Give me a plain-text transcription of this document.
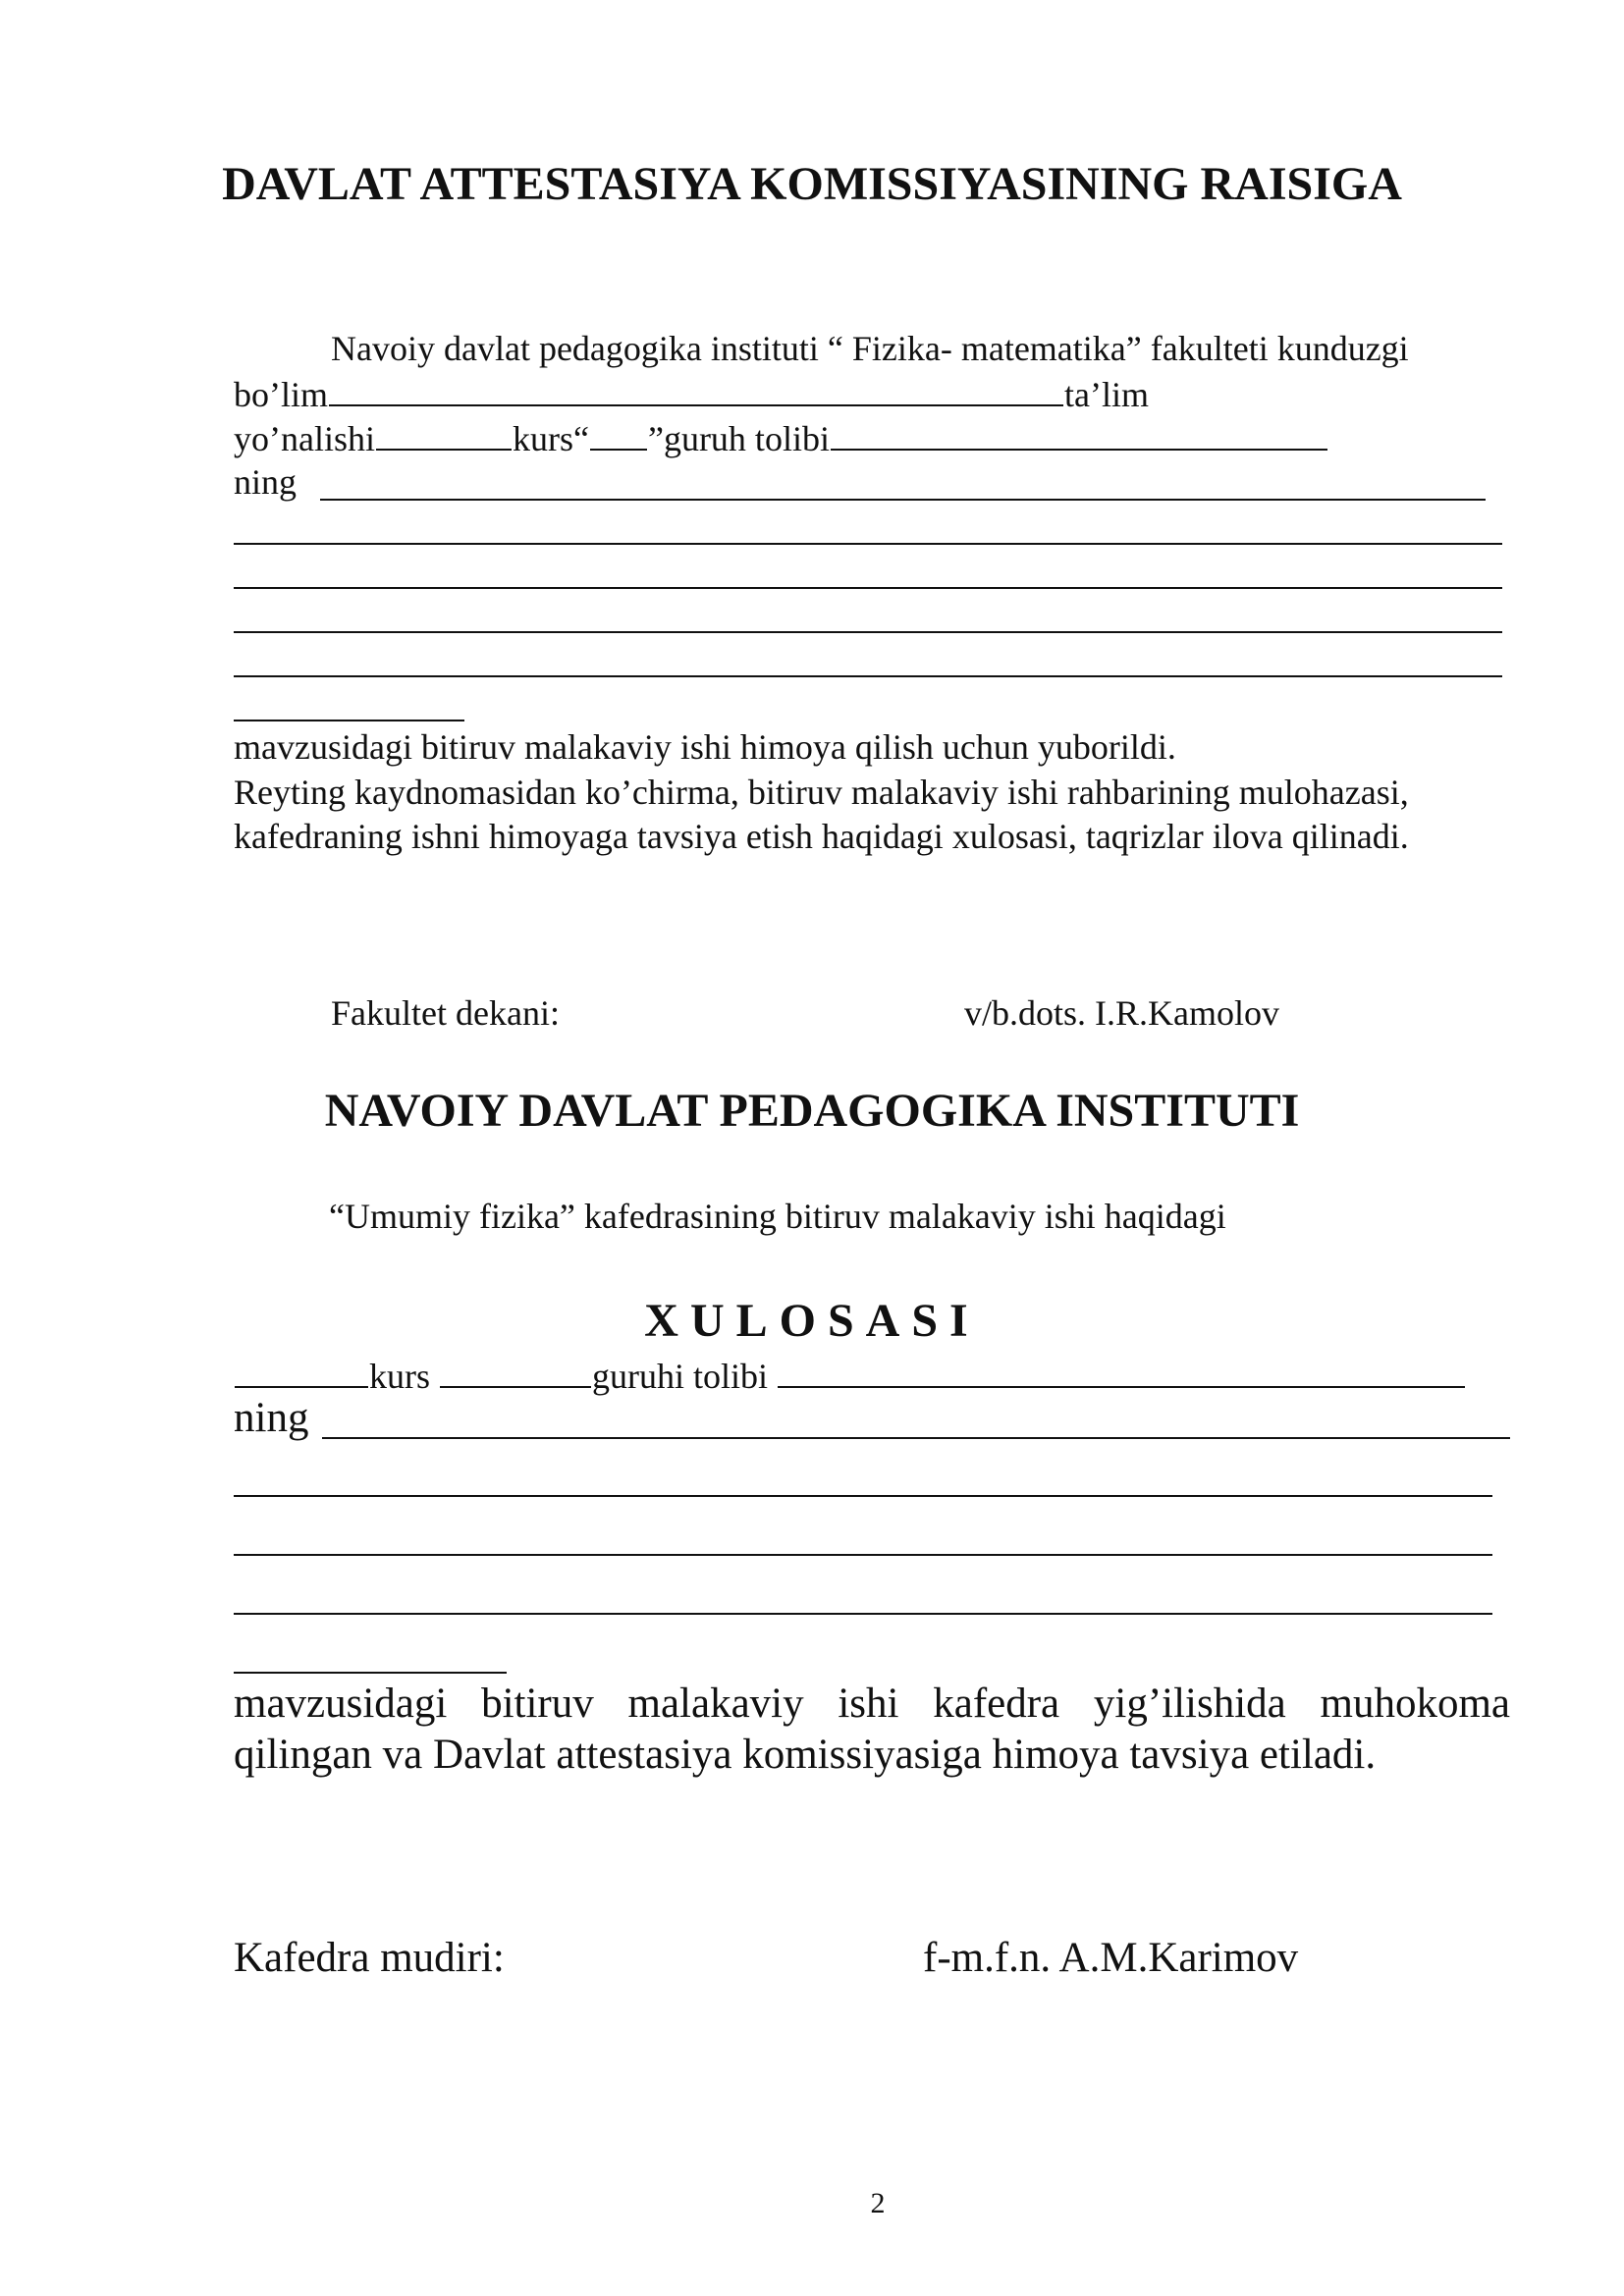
DAVLAT ATTESTASIYA KOMISSIYASINING RAISIGA
Navoiy davlat pedagogika instituti “ Fizika- matematika” fakulteti kunduzgi
bo’lim	ta’lim
yo’nalishi	kurs“ ”guruh tolibi
ning
mavzusidagi bitiruv malakaviy ishi himoya qilish uchun yuborildi.
Reyting kaydnomasidan ko’chirma, bitiruv malakaviy ishi rahbarining mulohazasi,
kafedraning ishni himoyaga tavsiya etish haqidagi xulosasi, taqrizlar ilova qilinadi.
Fakultet dekani:	v/b.dots. I.R.Kamolov
NAVOIY DAVLAT PEDAGOGIKA INSTITUTI
“Umumiy fizika” kafedrasining bitiruv malakaviy ishi haqidagi
XULOSASI
kurs	guruhi tolibi
ning
mavzusidagi bitiruv malakaviy ishi kafedra yig’ilishida muhokoma
qilingan va Davlat attestasiya komissiyasiga himoya tavsiya etiladi.
Kafedra mudiri:	f-m.f.n. A.M.Karimov
2
